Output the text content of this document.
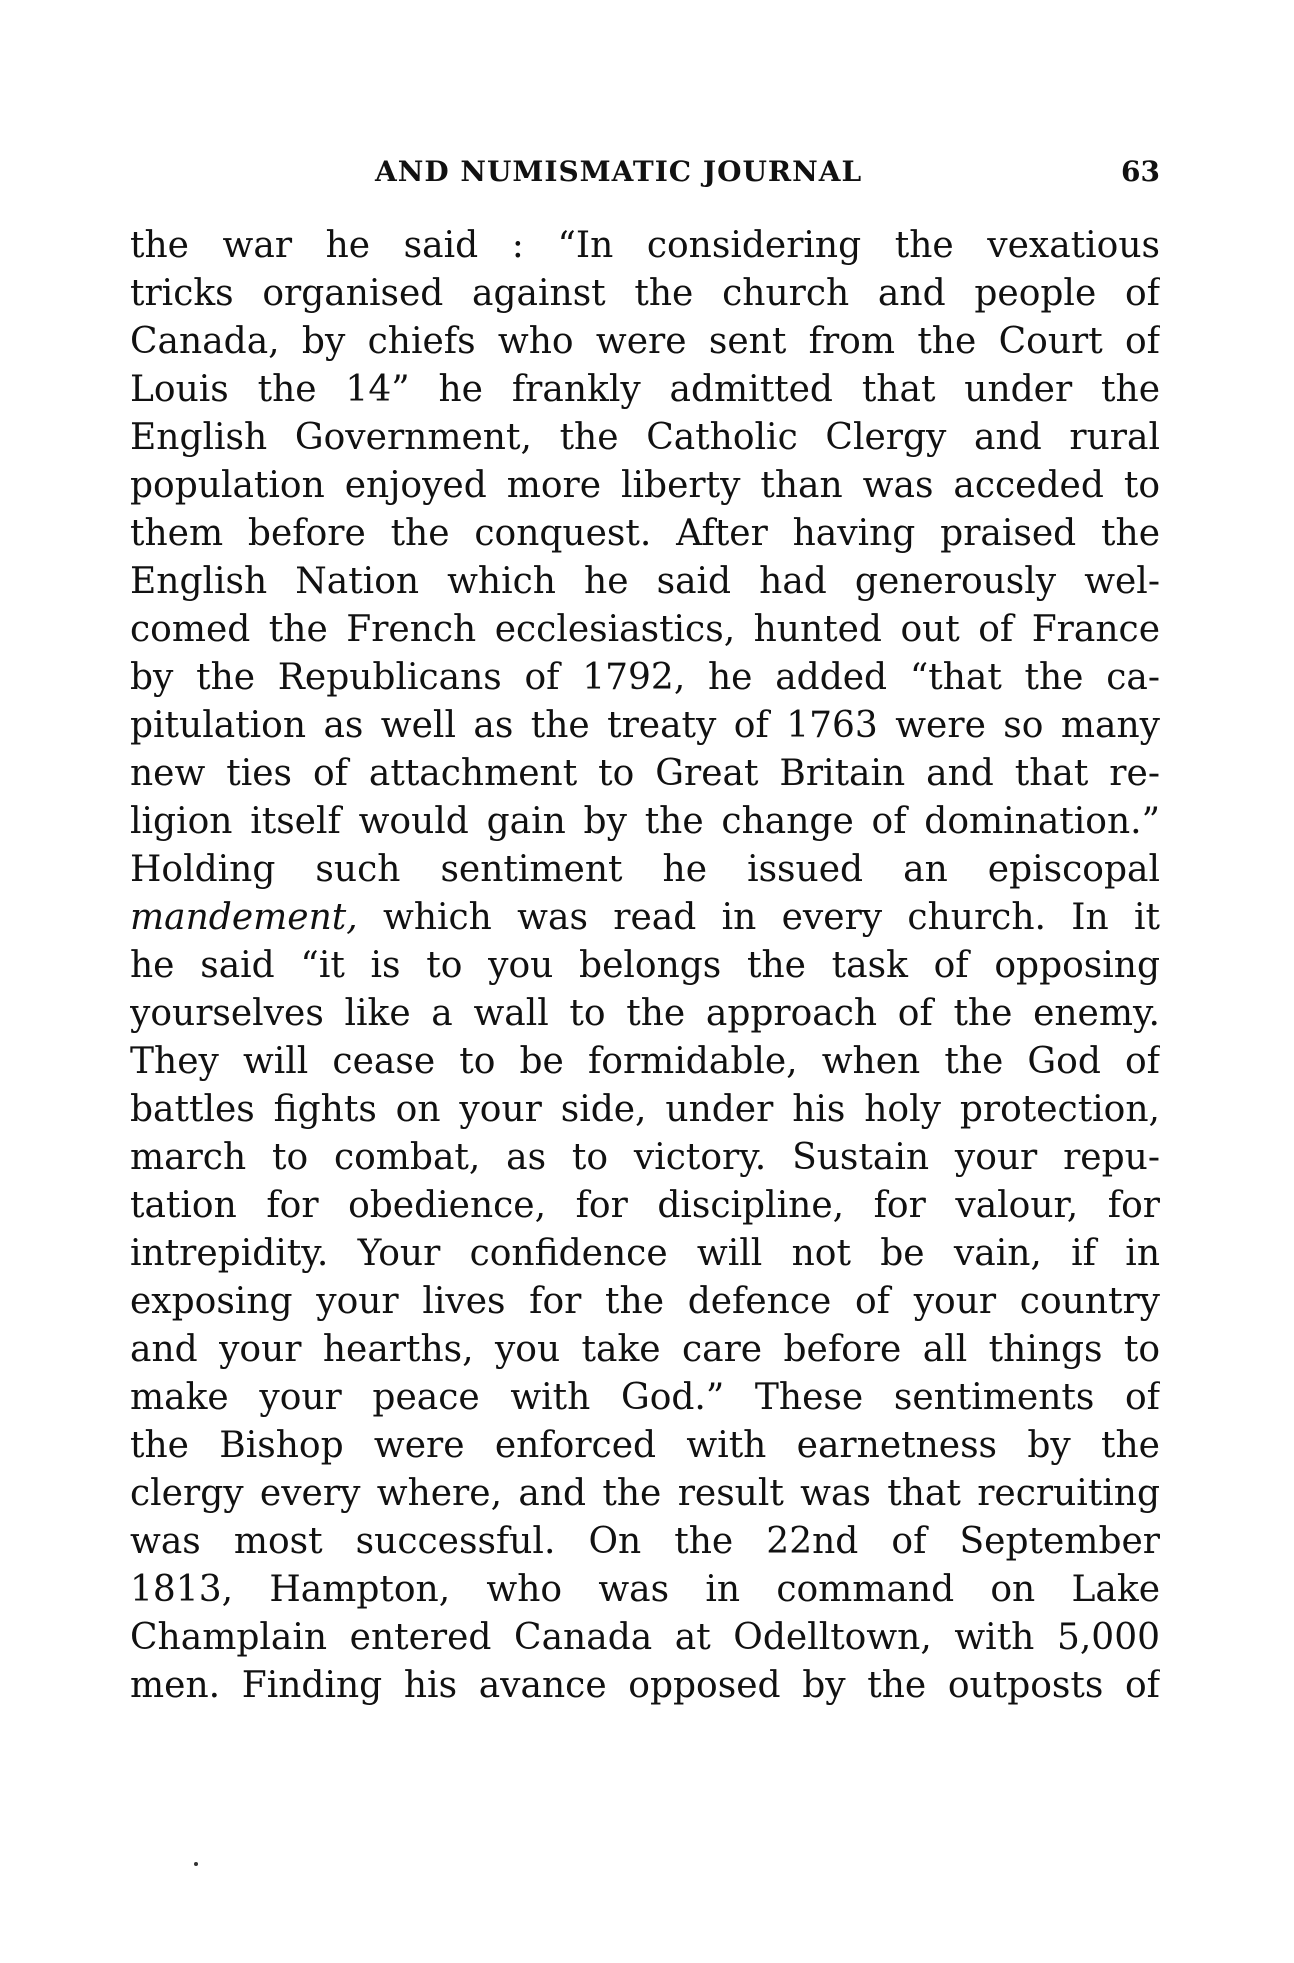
AND NUMISMATIC JOURNAL	63
the war he said : “In considering the vexatious
tricks organised against the church and people of
Canada, by chiefs who were sent from the Court of
Louis the 14” he frankly admitted that under the
English Government, the Catholic Clergy and rural
population enjoyed more liberty than was acceded to
them before the conquest. After having praised the
English Nation which he said had generously wel-
comed the French ecclesiastics, hunted out of France
by the Republicans of 1792, he added “that the ca-
pitulation as well as the treaty of 1763 were so many
new ties of attachment to Great Britain and that re-
ligion itself would gain by the change of domination.”
Holding such sentiment he issued an episcopal
mandement, which was read in every church. In it
he said “it is to you belongs the task of opposing
yourselves like a wall to the approach of the enemy.
They will cease to be formidable, when the God of
battles fights on your side, under his holy protection,
march to combat, as to victory. Sustain your repu-
tation for obedience, for discipline, for valour, for
intrepidity. Your confidence will not be vain, if in
exposing your lives for the defence of your country
and your hearths, you take care before all things to
make your peace with God.” These sentiments of
the Bishop were enforced with earnetness by the
clergy every where, and the result was that recruiting
was most successful. On the 22nd of September
1813, Hampton, who was in command on Lake
Champlain entered Canada at Odelltown, with 5,000
men. Finding his avance opposed by the outposts of
